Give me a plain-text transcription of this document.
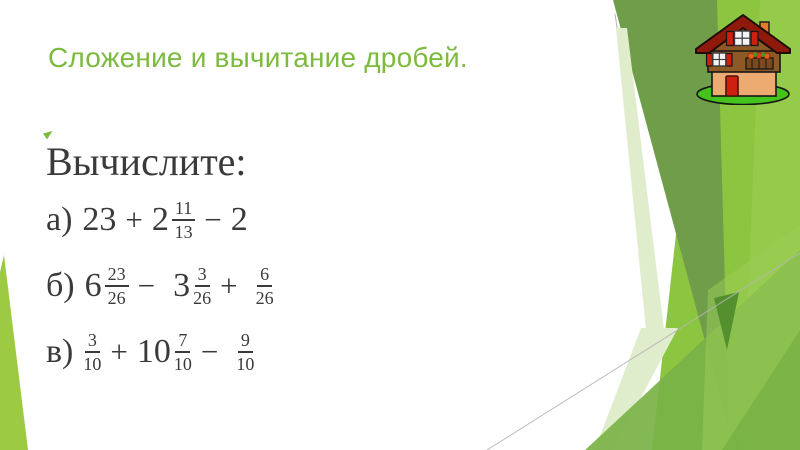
Сложение и вычитание дробей.
Вычислите:
а) $23 + 2 \frac{11}{13} - 2$
б) $6 \frac{23}{26} - 3 \frac{3}{26} + \frac{6}{26}$
$в) \frac{3}{10} + 10 \frac{7}{10} - \frac{9}{10}$
